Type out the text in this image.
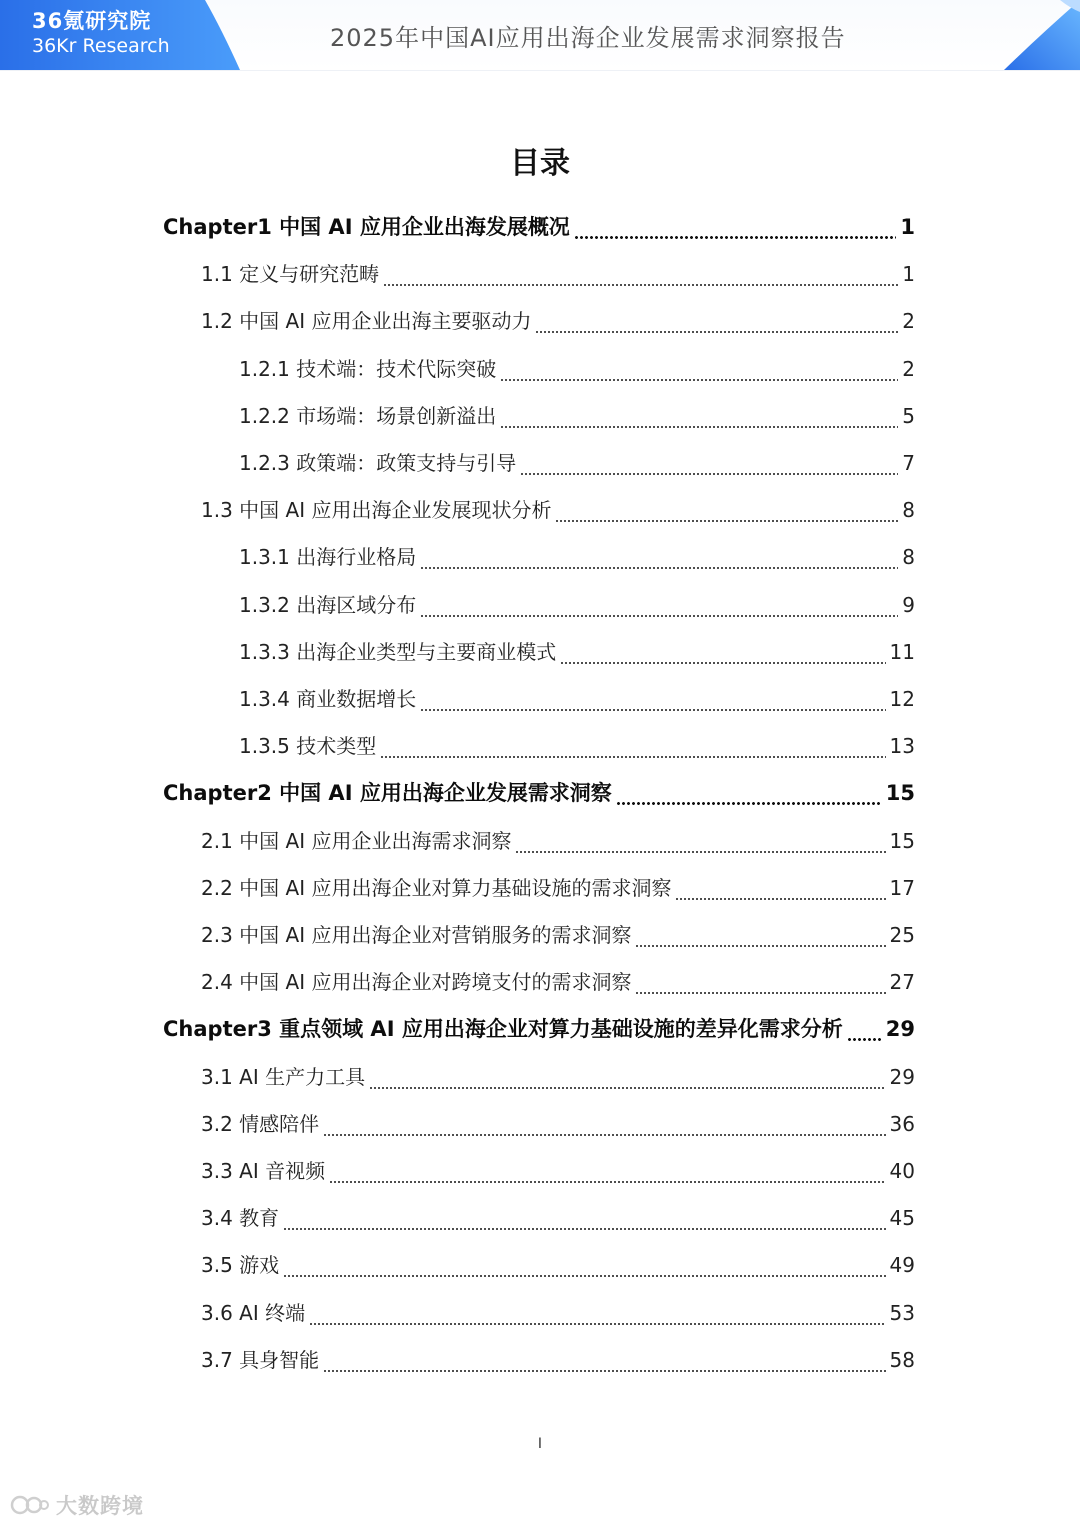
36氪研究院
36Kr Research	2025年中国AI应用出海企业发展需求洞察报告
目录
Chapter1 中国 AI 应用企业出海发展概况	1
1.1 定义与研究范畴	1
1.2 中国 AI 应用企业出海主要驱动力	2
1.2.1 技术端：技术代际突破	2
1.2.2 市场端：场景创新溢出	5
1.2.3 政策端：政策支持与引导	7
1.3 中国 AI 应用出海企业发展现状分析	8
1.3.1 出海行业格局	8
1.3.2 出海区域分布	9
1.3.3 出海企业类型与主要商业模式	11
1.3.4 商业数据增长	12
1.3.5 技术类型	13
Chapter2 中国 AI 应用出海企业发展需求洞察	15
2.1 中国 AI 应用企业出海需求洞察	15
2.2 中国 AI 应用出海企业对算力基础设施的需求洞察	17
2.3 中国 AI 应用出海企业对营销服务的需求洞察	25
2.4 中国 AI 应用出海企业对跨境支付的需求洞察	27
Chapter3 重点领域 AI 应用出海企业对算力基础设施的差异化需求分析 29
3.1 AI 生产力工具	29
3.2 情感陪伴	36
3.3 AI 音视频	40
3.4 教育	45
3.5 游戏	49
3.6 AI 终端	53
3.7 具身智能	58
I
大数跨境
